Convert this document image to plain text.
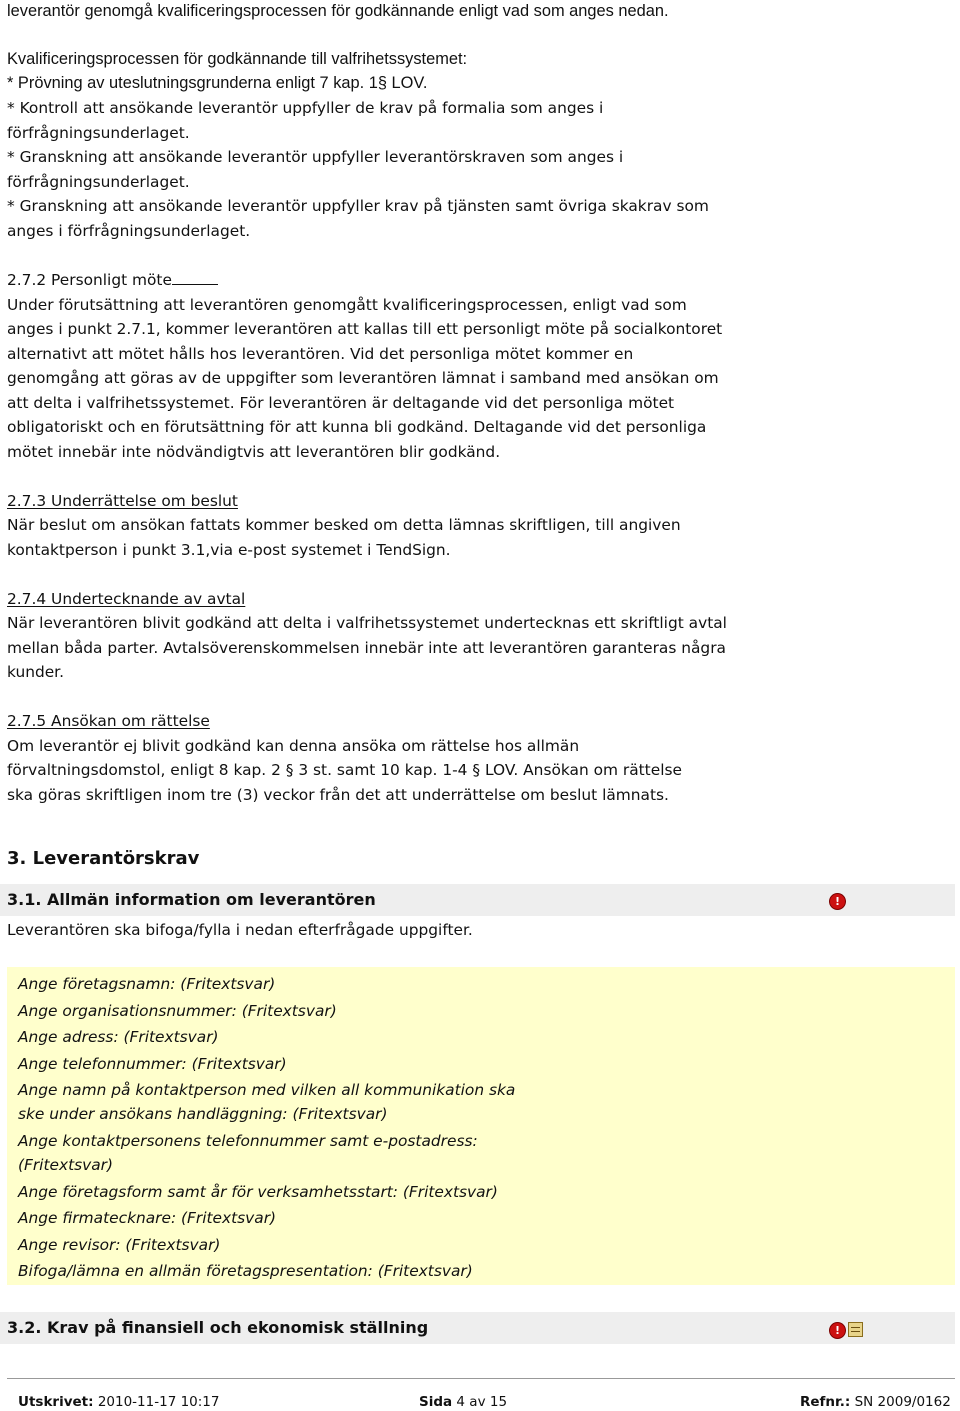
leverantör genomgå kvalificeringsprocessen för godkännande enligt vad som anges nedan.
Kvalificeringsprocessen för godkännande till valfrihetssystemet:
* Prövning av uteslutningsgrunderna enligt 7 kap. 1§ LOV.
* Kontroll att ansökande leverantör uppfyller de krav på formalia som anges i
förfrågningsunderlaget.
* Granskning att ansökande leverantör uppfyller leverantörskraven som anges i
förfrågningsunderlaget.
* Granskning att ansökande leverantör uppfyller krav på tjänsten samt övriga skakrav som
anges i förfrågningsunderlaget.
2.7.2 Personligt möte
Under förutsättning att leverantören genomgått kvalificeringsprocessen, enligt vad som
anges i punkt 2.7.1, kommer leverantören att kallas till ett personligt möte på socialkontoret
alternativt att mötet hålls hos leverantören. Vid det personliga mötet kommer en
genomgång att göras av de uppgifter som leverantören lämnat i samband med ansökan om
att delta i valfrihetssystemet. För leverantören är deltagande vid det personliga mötet
obligatoriskt och en förutsättning för att kunna bli godkänd. Deltagande vid det personliga
mötet innebär inte nödvändigtvis att leverantören blir godkänd.
2.7.3 Underrättelse om beslut
När beslut om ansökan fattats kommer besked om detta lämnas skriftligen, till angiven
kontaktperson i punkt 3.1,via e-post systemet i TendSign.
2.7.4 Undertecknande av avtal
När leverantören blivit godkänd att delta i valfrihetssystemet undertecknas ett skriftligt avtal
mellan båda parter. Avtalsöverenskommelsen innebär inte att leverantören garanteras några
kunder.
2.7.5 Ansökan om rättelse
Om leverantör ej blivit godkänd kan denna ansöka om rättelse hos allmän
förvaltningsdomstol, enligt 8 kap. 2 § 3 st. samt 10 kap. 1-4 § LOV. Ansökan om rättelse
ska göras skriftligen inom tre (3) veckor från det att underrättelse om beslut lämnats.
3. Leverantörskrav
3.1. Allmän information om leverantören	!
Leverantören ska bifoga/fylla i nedan efterfrågade uppgifter.
Ange företagsnamn: (Fritextsvar)
Ange organisationsnummer: (Fritextsvar)
Ange adress: (Fritextsvar)
Ange telefonnummer: (Fritextsvar)
Ange namn på kontaktperson med vilken all kommunikation ska
ske under ansökans handläggning: (Fritextsvar)
Ange kontaktpersonens telefonnummer samt e-postadress:
(Fritextsvar)
Ange företagsform samt år för verksamhetsstart: (Fritextsvar)
Ange firmatecknare: (Fritextsvar)
Ange revisor: (Fritextsvar)
Bifoga/lämna en allmän företagspresentation: (Fritextsvar)
3.2. Krav på finansiell och ekonomisk ställning	!
Utskrivet: 2010-11-17 10:17	Sida 4 av 15	Refnr.: SN 2009/0162
